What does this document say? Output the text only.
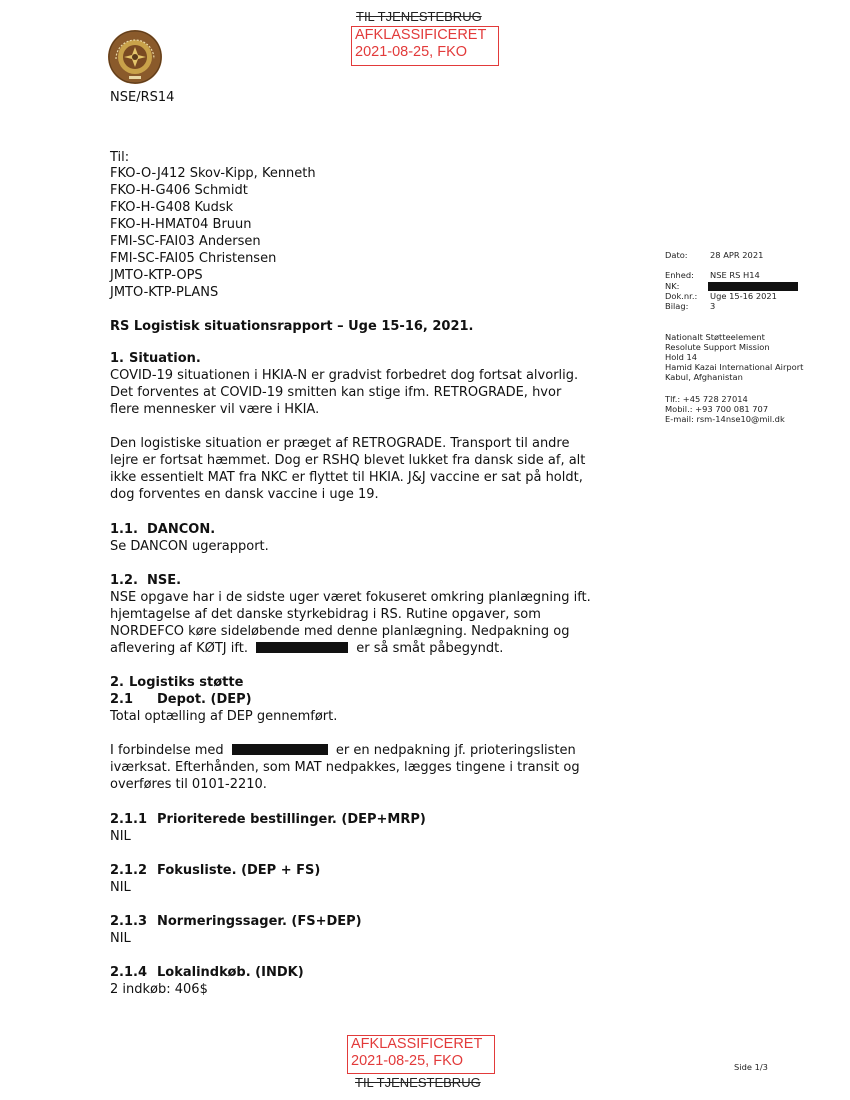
TIL TJENESTEBRUG
AFKLASSIFICERET
2021-08-25, FKO
NSE/RS14
Til:
FKO-O-J412 Skov-Kipp, Kenneth
FKO-H-G406 Schmidt
FKO-H-G408 Kudsk
FKO-H-HMAT04 Bruun
FMI-SC-FAI03 Andersen
FMI-SC-FAI05 Christensen
JMTO-KTP-OPS
JMTO-KTP-PLANS
Dato:	28 APR 2021
Enhed: NSE RS H14
NK:
Dok.nr.: Uge 15-16 2021
Bilag:	3
Nationalt Støtteelement
Resolute Support Mission
Hold 14
Hamid Kazai International Airport
Kabul, Afghanistan
Tlf.: +45 728 27014
Mobil.: +93 700 081 707
E-mail: rsm-14nse10@mil.dk
RS Logistisk situationsrapport – Uge 15-16, 2021.
1. Situation.
COVID-19 situationen i HKIA-N er gradvist forbedret dog fortsat alvorlig.
Det forventes at COVID-19 smitten kan stige ifm. RETROGRADE, hvor
flere mennesker vil være i HKIA.
Den logistiske situation er præget af RETROGRADE. Transport til andre
lejre er fortsat hæmmet. Dog er RSHQ blevet lukket fra dansk side af, alt
ikke essentielt MAT fra NKC er flyttet til HKIA. J&J vaccine er sat på holdt,
dog forventes en dansk vaccine i uge 19.
1.1. DANCON.
Se DANCON ugerapport.
1.2. NSE.
NSE opgave har i de sidste uger været fokuseret omkring planlægning ift.
hjemtagelse af det danske styrkebidrag i RS. Rutine opgaver, som
NORDEFCO køre sideløbende med denne planlægning. Nedpakning og
aflevering af KØTJ ift.	er så småt påbegyndt.
2. Logistiks støtte
2.1 Depot. (DEP)
Total optælling af DEP gennemført.
I forbindelse med	er en nedpakning jf. prioteringslisten
iværksat. Efterhånden, som MAT nedpakkes, lægges tingene i transit og
overføres til 0101-2210.
2.1.1 Prioriterede bestillinger. (DEP+MRP)
NIL
2.1.2 Fokusliste. (DEP + FS)
NIL
2.1.3 Normeringssager. (FS+DEP)
NIL
2.1.4 Lokalindkøb. (INDK)
2 indkøb: 406$
AFKLASSIFICERET
2021-08-25, FKO
TIL TJENESTEBRUG
Side 1/3
